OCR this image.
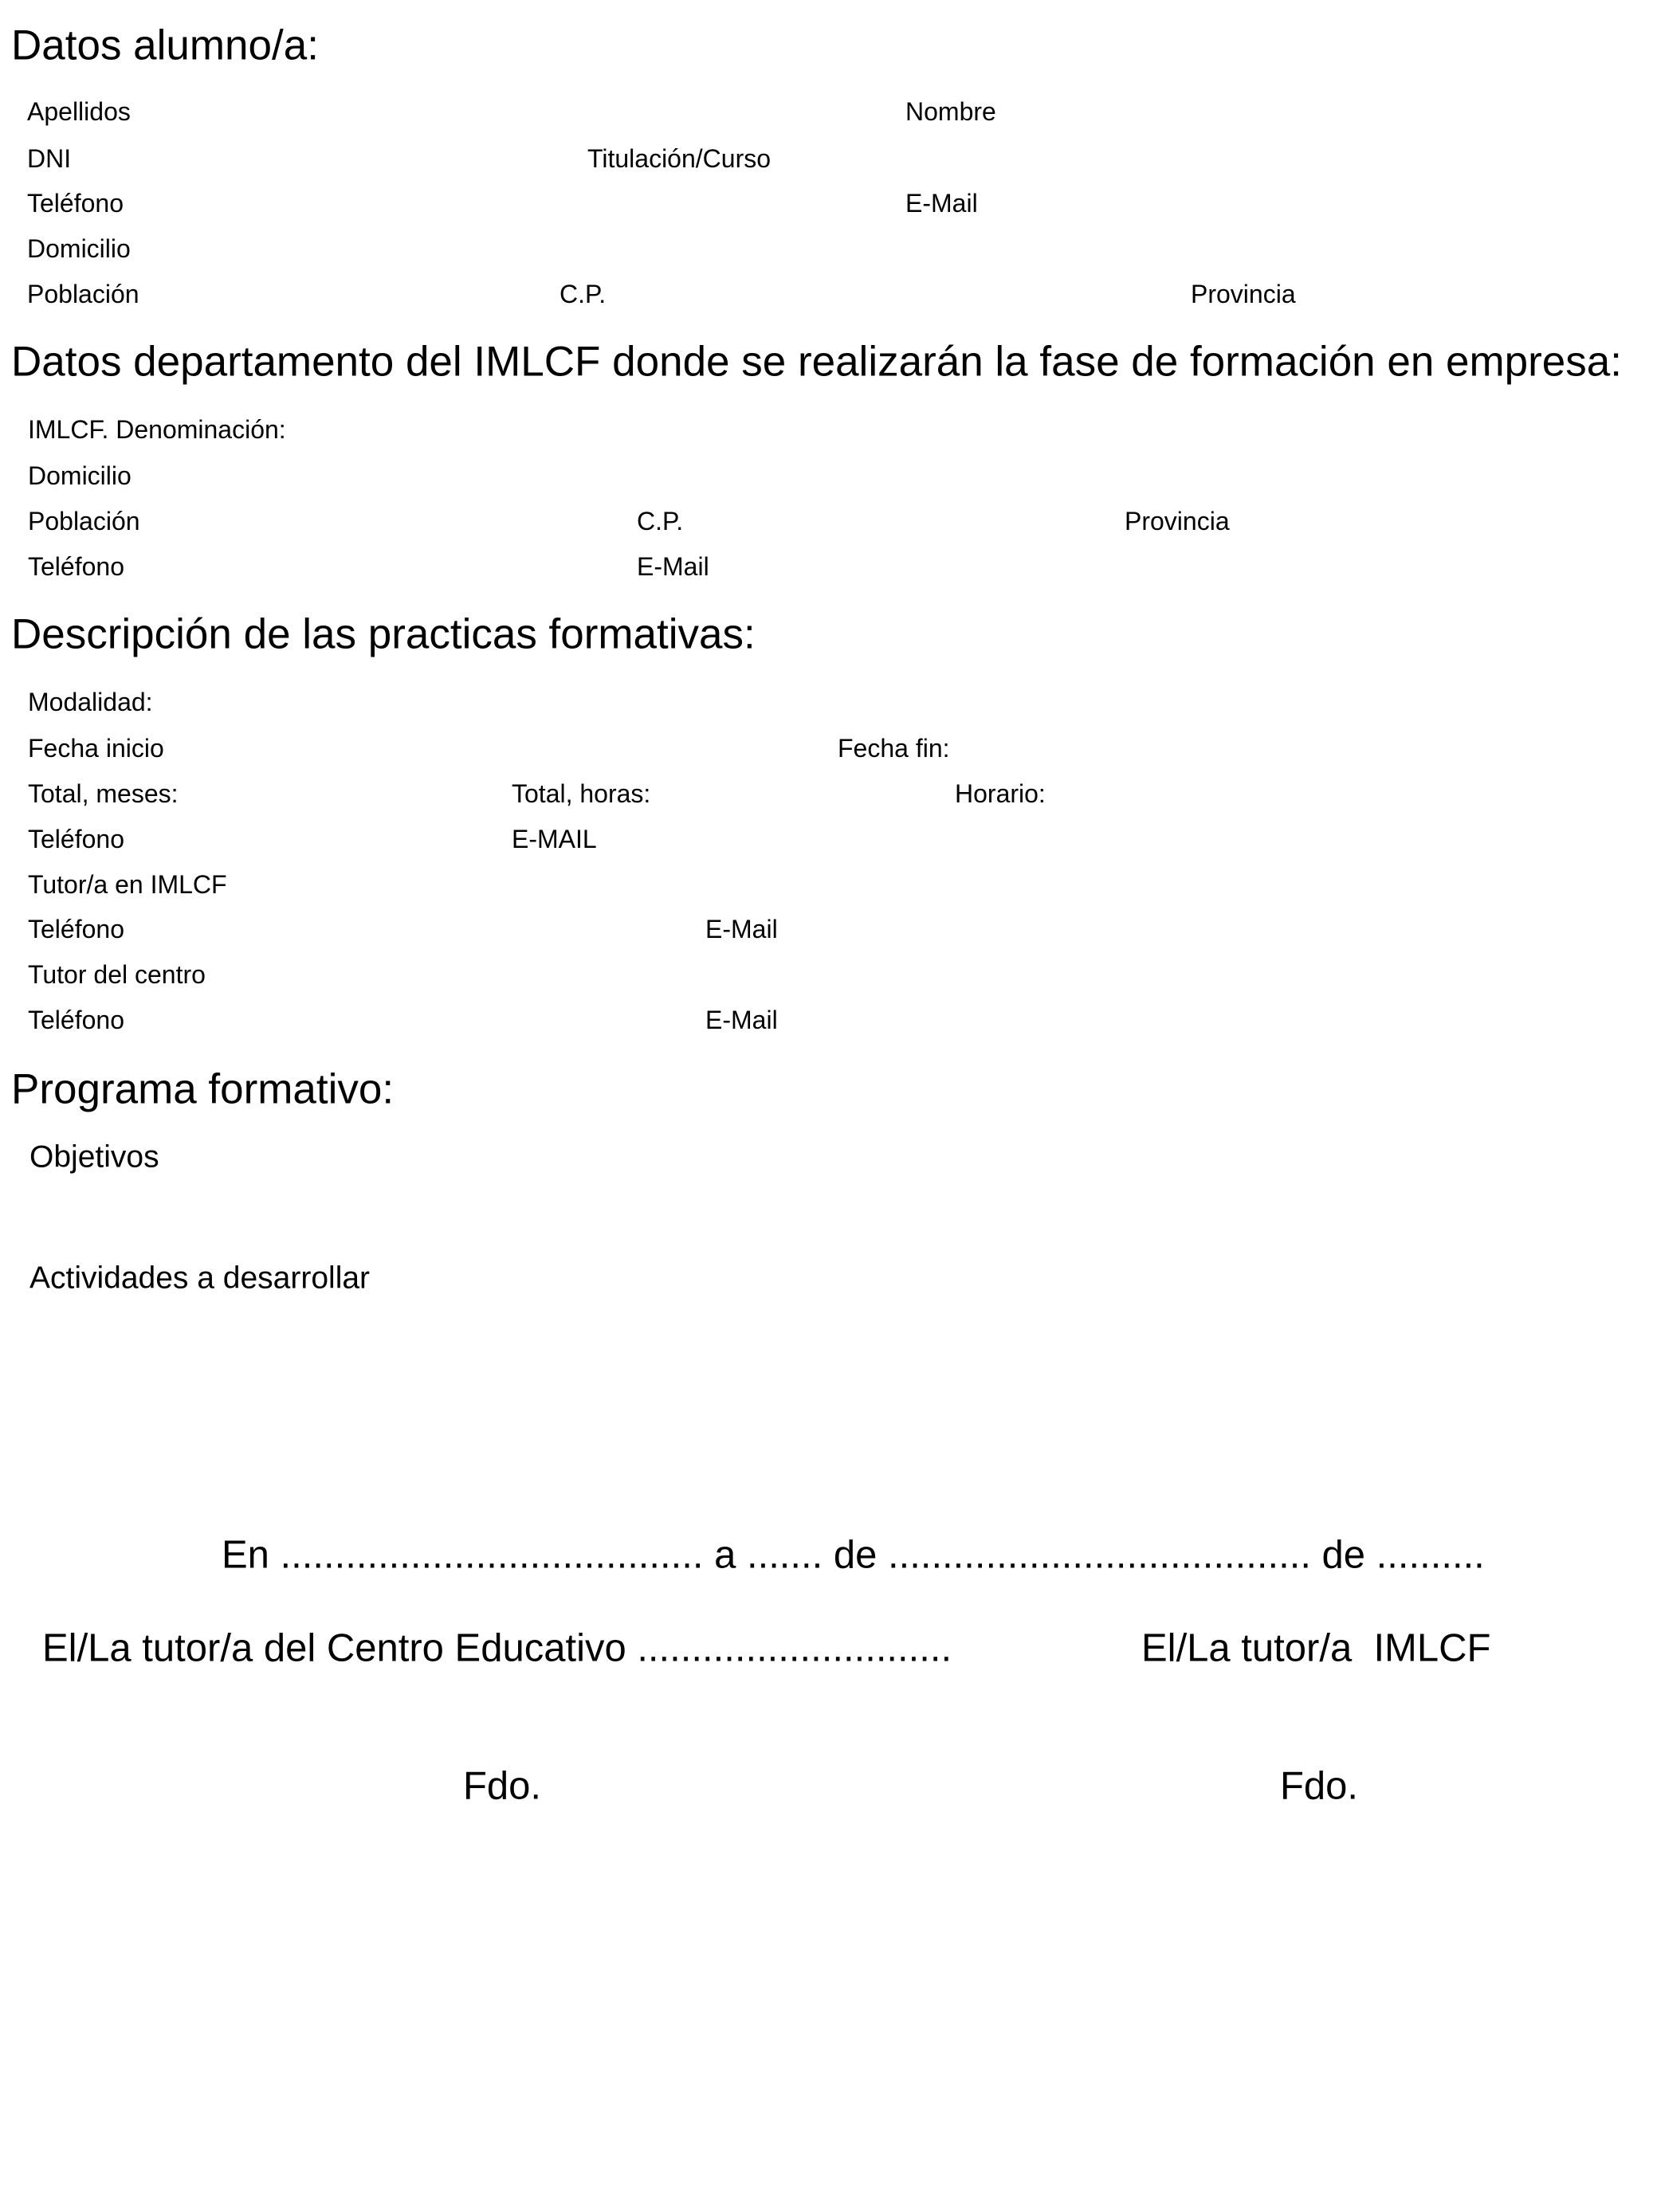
Datos alumno/a:
Apellidos	Nombre
DNI	Titulación/Curso
Teléfono	E-Mail
Domicilio
Población	C.P.	Provincia
Datos departamento del IMLCF donde se realizarán la fase de formación en empresa:
IMLCF. Denominación:
Domicilio
Población	C.P.	Provincia
Teléfono	E-Mail
Descripción de las practicas formativas:
Modalidad:
Fecha inicio	Fecha fin:
Total, meses:	Total, horas:	Horario:
Teléfono	E-MAIL
Tutor/a en IMLCF
Teléfono	E-Mail
Tutor del centro
Teléfono	E-Mail
Programa formativo:
Objetivos
Actividades a desarrollar
En ....................................... a ....... de ....................................... de ..........
El/La tutor/a del Centro Educativo .............................	El/La tutor/a  IMLCF
Fdo.	Fdo.
